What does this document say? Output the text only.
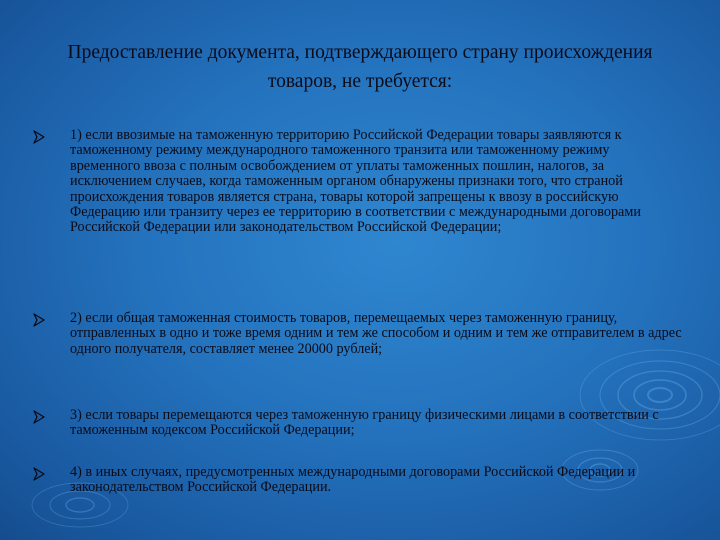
Предоставление документа, подтверждающего страну происхождения товаров, не требуется:
1) если ввозимые на таможенную территорию Российской Федерации товары заявляются к таможенному режиму международного таможенного транзита или таможенному режиму временного ввоза с полным освобождением от уплаты таможенных пошлин, налогов, за исключением случаев, когда таможенным органом обнаружены признаки того, что страной происхождения товаров является страна, товары которой запрещены к ввозу в российскую Федерацию или транзиту через ее территорию в соответствии с международными договорами Российской Федерации или законодательством Российской Федерации;
2) если общая таможенная стоимость товаров, перемещаемых через таможенную границу, отправленных в одно и тоже время одним и тем же способом и одним и тем же отправителем в адрес одного получателя, составляет менее 20000 рублей;
3) если товары перемещаются через таможенную границу физическими лицами в соответствии с таможенным кодексом Российской Федерации;
4) в иных случаях, предусмотренных международными договорами Российской Федерации и законодательством Российской Федерации.
